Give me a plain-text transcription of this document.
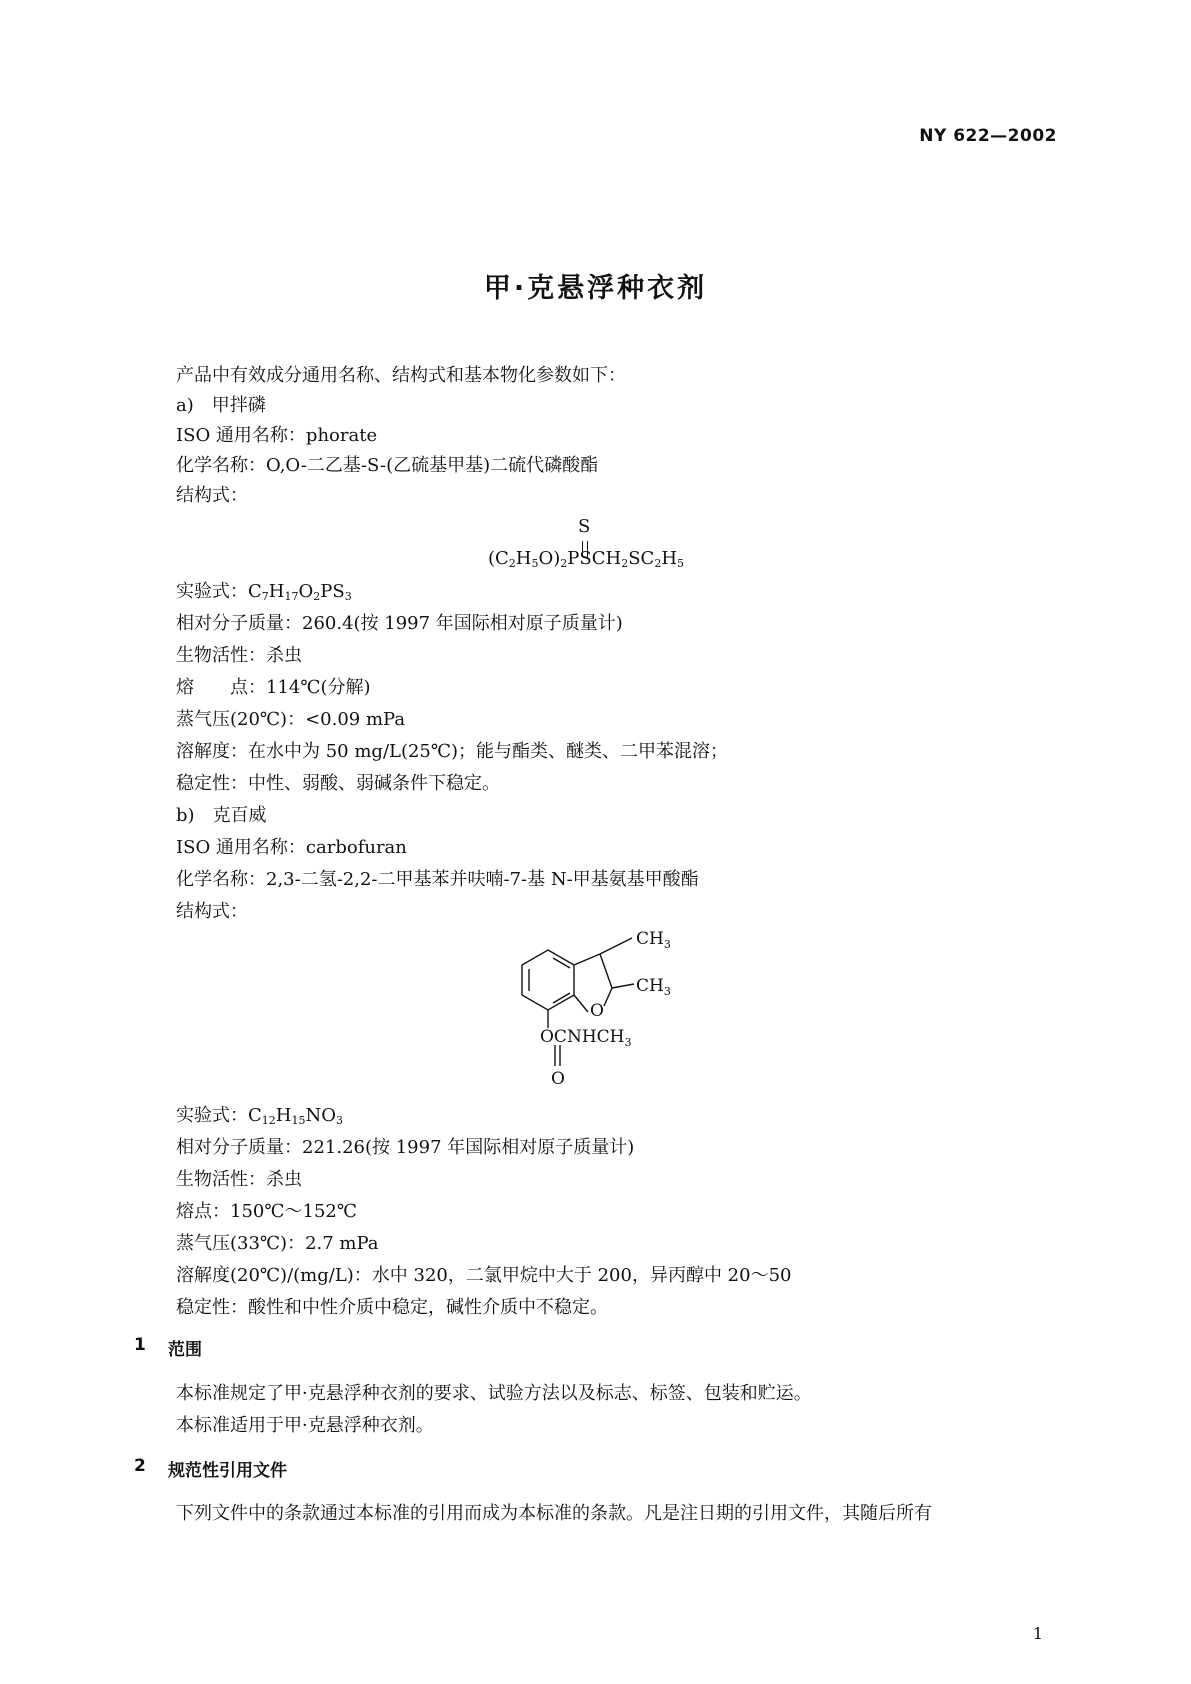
NY 622—2002
甲·克悬浮种衣剂
产品中有效成分通用名称、结构式和基本物化参数如下：
a)　甲拌磷
ISO 通用名称：phorate
化学名称：O,O-二乙基-S-(乙硫基甲基)二硫代磷酸酯
结构式：
S
$(C_2H_5O)_2PSCH_2SC_2H_5$
实验式：$C_7H_{17}O_2PS_3$
相对分子质量：260.4(按 1997 年国际相对原子质量计)
生物活性：杀虫
熔　　点：114℃(分解)
蒸气压(20℃)：<0.09 mPa
溶解度：在水中为 50 mg/L(25℃)；能与酯类、醚类、二甲苯混溶；
稳定性：中性、弱酸、弱碱条件下稳定。
b)　克百威
ISO 通用名称：carbofuran
化学名称：2,3-二氢-2,2-二甲基苯并呋喃-7-基 N-甲基氨基甲酸酯
结构式：
O
$CH_3$
$CH_3$
$OCNHCH_3$
O
实验式：$C_{12}H_{15}NO_3$
相对分子质量：221.26(按 1997 年国际相对原子质量计)
生物活性：杀虫
熔点：150℃～152℃
蒸气压(33℃)：2.7 mPa
溶解度(20℃)/(mg/L)：水中 320，二氯甲烷中大于 200，异丙醇中 20～50
稳定性：酸性和中性介质中稳定，碱性介质中不稳定。
1 范围
本标准规定了甲·克悬浮种衣剂的要求、试验方法以及标志、标签、包装和贮运。
本标准适用于甲·克悬浮种衣剂。
2 规范性引用文件
下列文件中的条款通过本标准的引用而成为本标准的条款。凡是注日期的引用文件，其随后所有
1
